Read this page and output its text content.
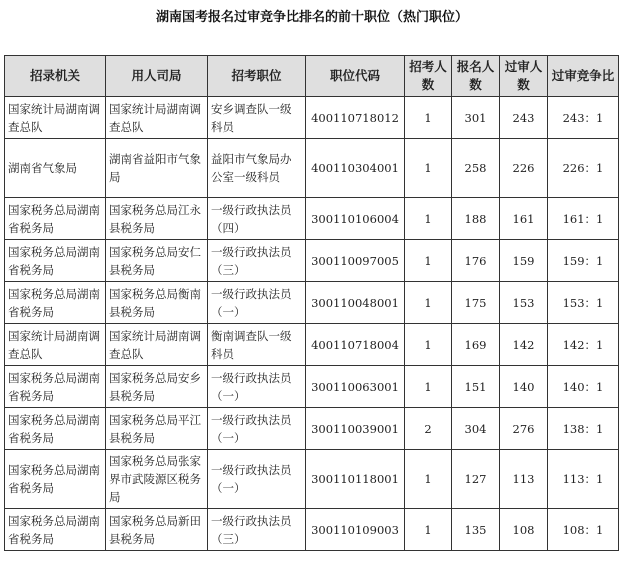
湖南国考报名过审竞争比排名的前十职位（热门职位）
招录机关	用人司局	招考职位	职位代码	招考人数	报名人数	过审人数	过审竞争比
国家统计局湖南调查总队	国家统计局湖南调查总队	安乡调查队一级科员	400110718012	1	301	243	243：1
湖南省气象局	湖南省益阳市气象局	益阳市气象局办公室一级科员	400110304001	1	258	226	226：1
国家税务总局湖南省税务局	国家税务总局江永县税务局	一级行政执法员（四）	300110106004	1	188	161	161：1
国家税务总局湖南省税务局	国家税务总局安仁县税务局	一级行政执法员（三）	300110097005	1	176	159	159：1
国家税务总局湖南省税务局	国家税务总局衡南县税务局	一级行政执法员（一）	300110048001	1	175	153	153：1
国家统计局湖南调查总队	国家统计局湖南调查总队	衡南调查队一级科员	400110718004	1	169	142	142：1
国家税务总局湖南省税务局	国家税务总局安乡县税务局	一级行政执法员（一）	300110063001	1	151	140	140：1
国家税务总局湖南省税务局	国家税务总局平江县税务局	一级行政执法员（一）	300110039001	2	304	276	138：1
国家税务总局湖南省税务局	国家税务总局张家界市武陵源区税务局	一级行政执法员（一）	300110118001	1	127	113	113：1
国家税务总局湖南省税务局	国家税务总局新田县税务局	一级行政执法员（三）	300110109003	1	135	108	108：1
